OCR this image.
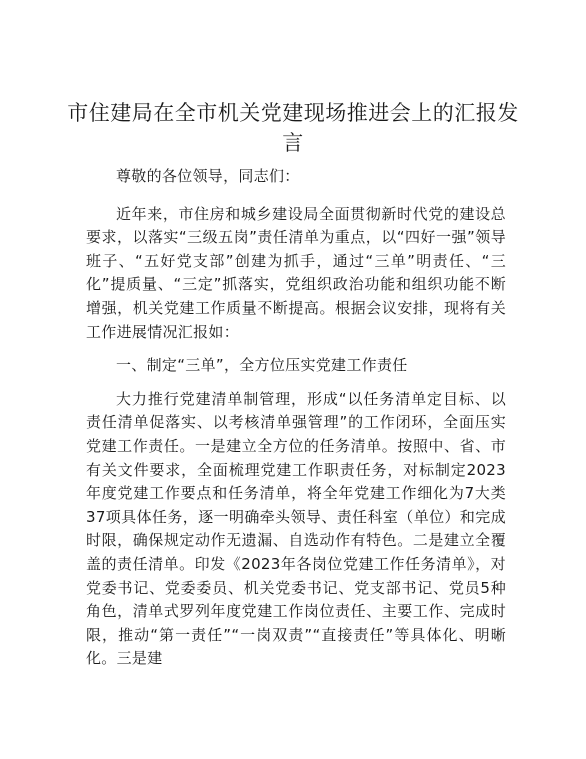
市住建局在全市机关党建现场推进会上的汇报发言

尊敬的各位领导，同志们：

近年来，市住房和城乡建设局全面贯彻新时代党的建设总要求，以落实“三级五岗”责任清单为重点，以“四好一强”领导班子、“五好党支部”创建为抓手，通过“三单”明责任、“三化”提质量、“三定”抓落实，党组织政治功能和组织功能不断增强，机关党建工作质量不断提高。根据会议安排，现将有关工作进展情况汇报如：

一、制定“三单”，全方位压实党建工作责任

大力推行党建清单制管理，形成“以任务清单定目标、以责任清单促落实、以考核清单强管理”的工作闭环，全面压实党建工作责任。一是建立全方位的任务清单。按照中、省、市有关文件要求，全面梳理党建工作职责任务，对标制定2023年度党建工作要点和任务清单，将全年党建工作细化为7大类37项具体任务，逐一明确牵头领导、责任科室（单位）和完成时限，确保规定动作无遗漏、自选动作有特色。二是建立全覆盖的责任清单。印发《2023年各岗位党建工作任务清单》，对党委书记、党委委员、机关党委书记、党支部书记、党员5种角色，清单式罗列年度党建工作岗位责任、主要工作、完成时限，推动“第一责任”“一岗双责”“直接责任”等具体化、明晰化。三是建
